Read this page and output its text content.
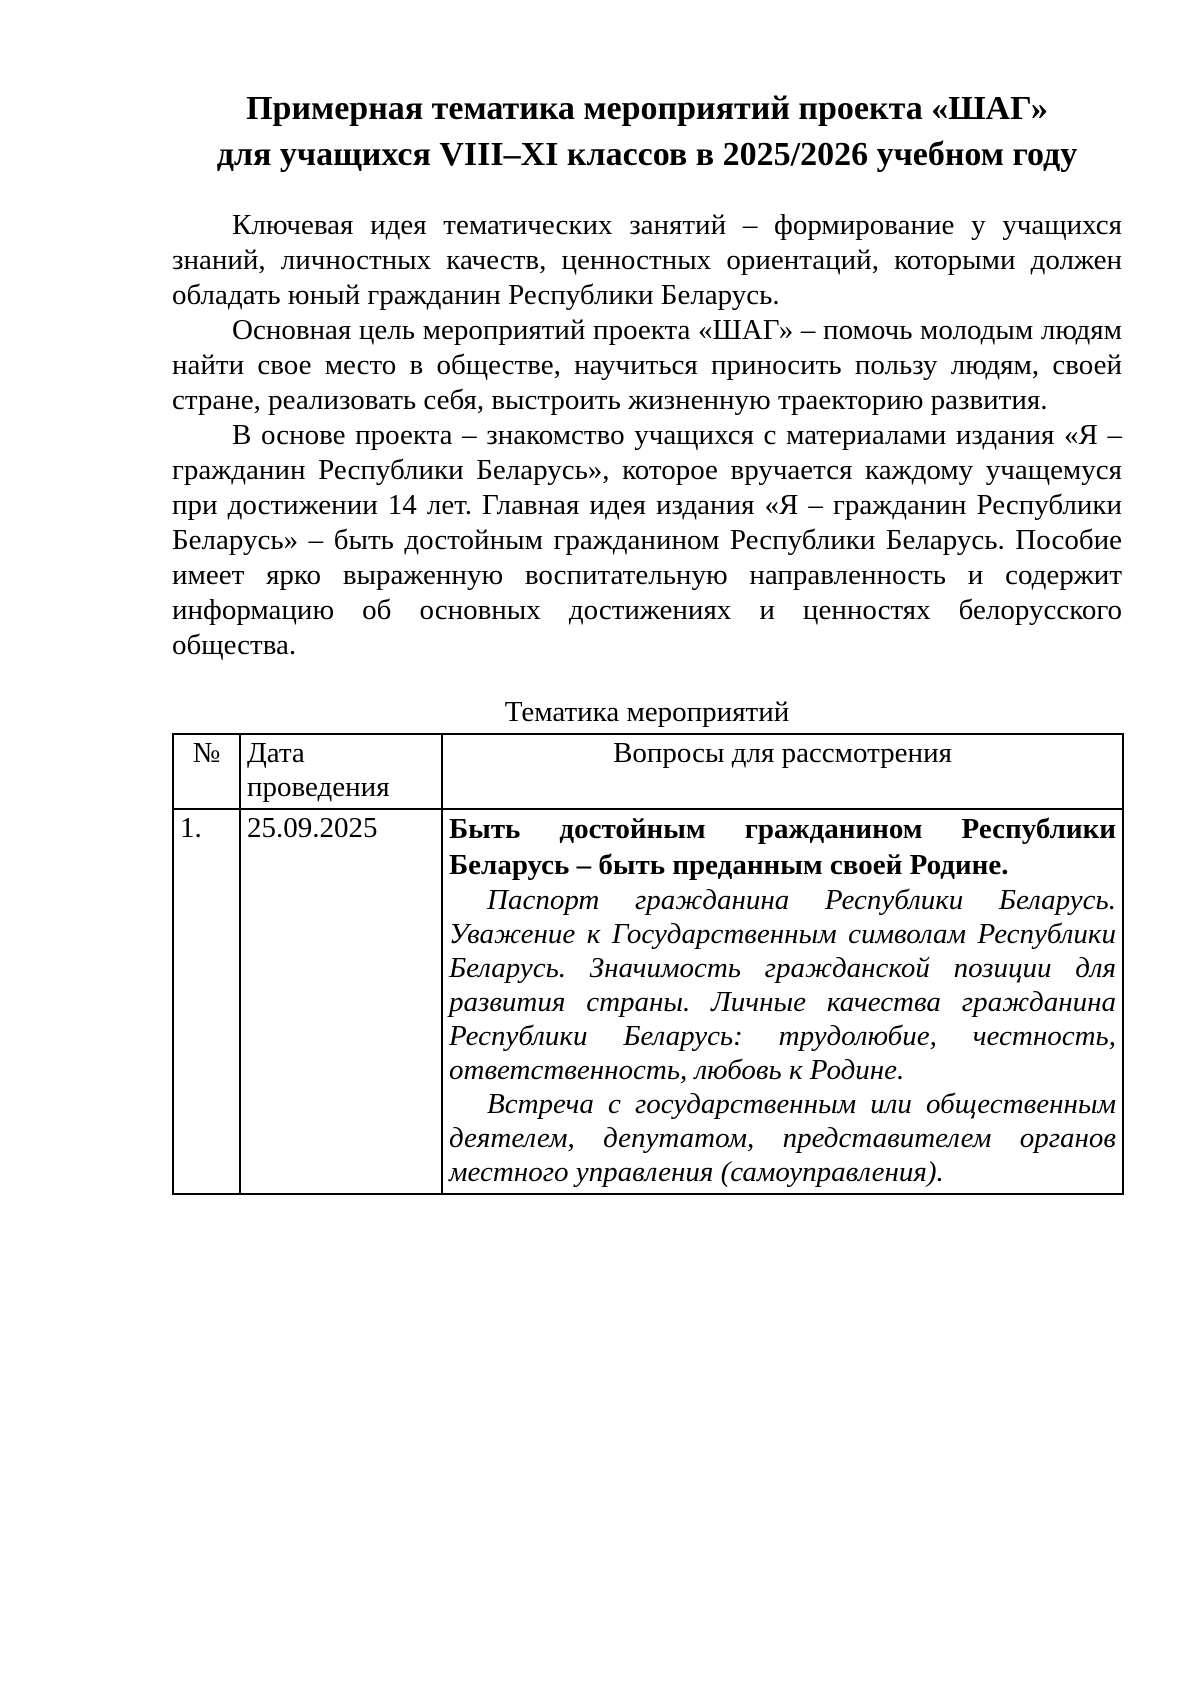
Примерная тематика мероприятий проекта «ШАГ»
для учащихся VIII–XI классов в 2025/2026 учебном году

Ключевая идея тематических занятий – формирование у учащихся знаний, личностных качеств, ценностных ориентаций, которыми должен обладать юный гражданин Республики Беларусь.

Основная цель мероприятий проекта «ШАГ» – помочь молодым людям найти свое место в обществе, научиться приносить пользу людям, своей стране, реализовать себя, выстроить жизненную траекторию развития.

В основе проекта – знакомство учащихся с материалами издания «Я – гражданин Республики Беларусь», которое вручается каждому учащемуся при достижении 14 лет. Главная идея издания «Я – гражданин Республики Беларусь» – быть достойным гражданином Республики Беларусь. Пособие имеет ярко выраженную воспитательную направленность и содержит информацию об основных достижениях и ценностях белорусского общества.

Тематика мероприятий
№	Дата проведения	Вопросы для рассмотрения
1.	25.09.2025	Быть достойным гражданином Республики Беларусь – быть преданным своей Родине.

Паспорт гражданина Республики Беларусь. Уважение к Государственным символам Республики Беларусь. Значимость гражданской позиции для развития страны. Личные качества гражданина Республики Беларусь: трудолюбие, честность, ответственность, любовь к Родине.

Встреча с государственным или общественным деятелем, депутатом, представителем органов местного управления (самоуправления).
